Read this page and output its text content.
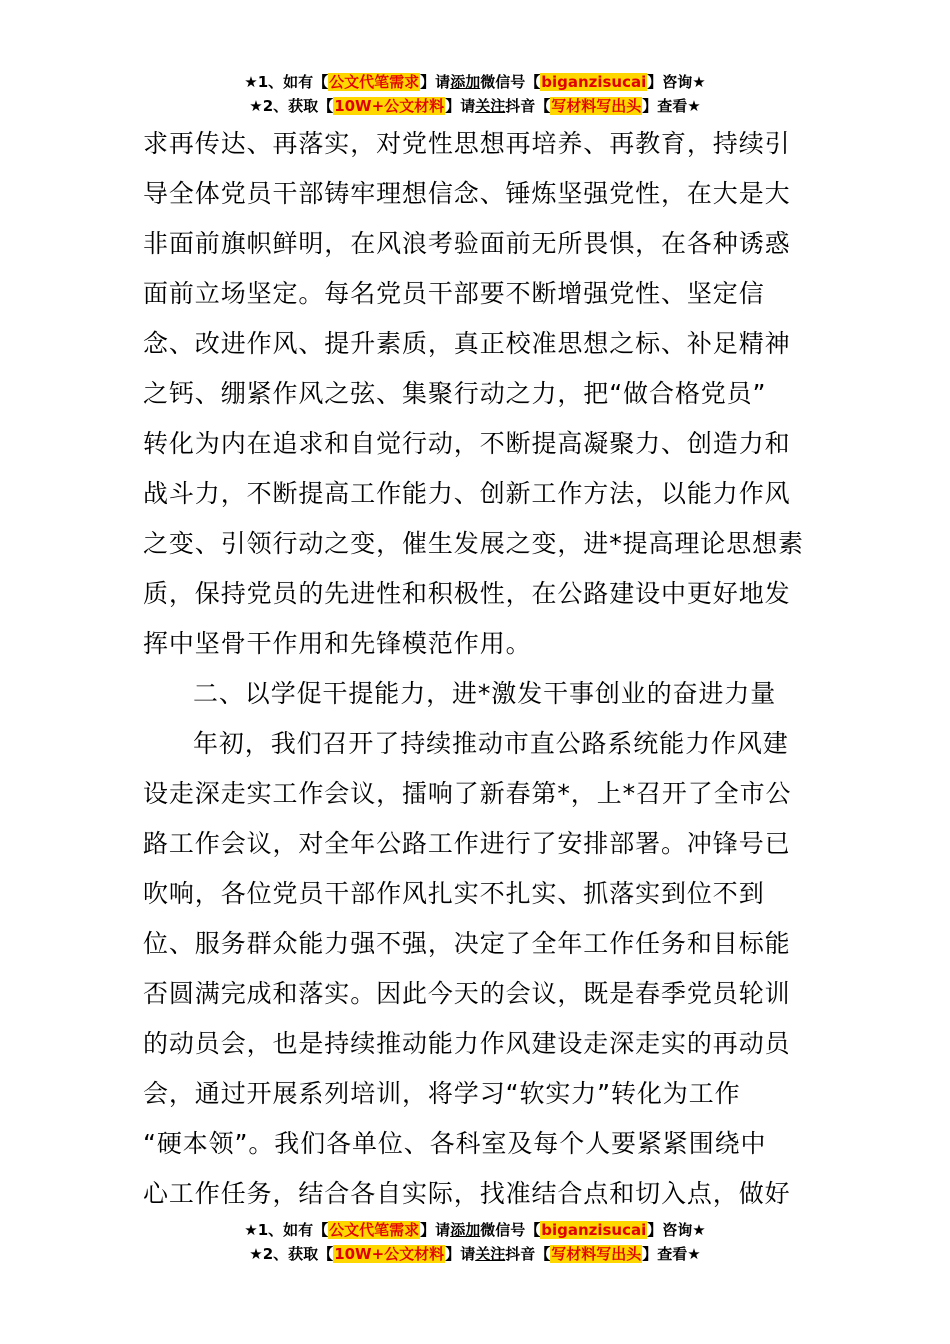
★1、如有【公文代笔需求】请添加微信号【biganzisucai】咨询★
★2、获取【10W+公文材料】请关注抖音【写材料写出头】查看★
求再传达、再落实，对党性思想再培养、再教育，持续引
导全体党员干部铸牢理想信念、锤炼坚强党性，在大是大
非面前旗帜鲜明，在风浪考验面前无所畏惧，在各种诱惑
面前立场坚定。每名党员干部要不断增强党性、坚定信
念、改进作风、提升素质，真正校准思想之标、补足精神
之钙、绷紧作风之弦、集聚行动之力，把“做合格党员”
转化为内在追求和自觉行动，不断提高凝聚力、创造力和
战斗力，不断提高工作能力、创新工作方法，以能力作风
之变、引领行动之变，催生发展之变，进*提高理论思想素
质，保持党员的先进性和积极性，在公路建设中更好地发
挥中坚骨干作用和先锋模范作用。
二、以学促干提能力，进*激发干事创业的奋进力量
年初，我们召开了持续推动市直公路系统能力作风建
设走深走实工作会议，擂响了新春第*，上*召开了全市公
路工作会议，对全年公路工作进行了安排部署。冲锋号已
吹响，各位党员干部作风扎实不扎实、抓落实到位不到
位、服务群众能力强不强，决定了全年工作任务和目标能
否圆满完成和落实。因此今天的会议，既是春季党员轮训
的动员会，也是持续推动能力作风建设走深走实的再动员
会，通过开展系列培训，将学习“软实力”转化为工作
“硬本领”。我们各单位、各科室及每个人要紧紧围绕中
心工作任务，结合各自实际，找准结合点和切入点，做好
★1、如有【公文代笔需求】请添加微信号【biganzisucai】咨询★
★2、获取【10W+公文材料】请关注抖音【写材料写出头】查看★
